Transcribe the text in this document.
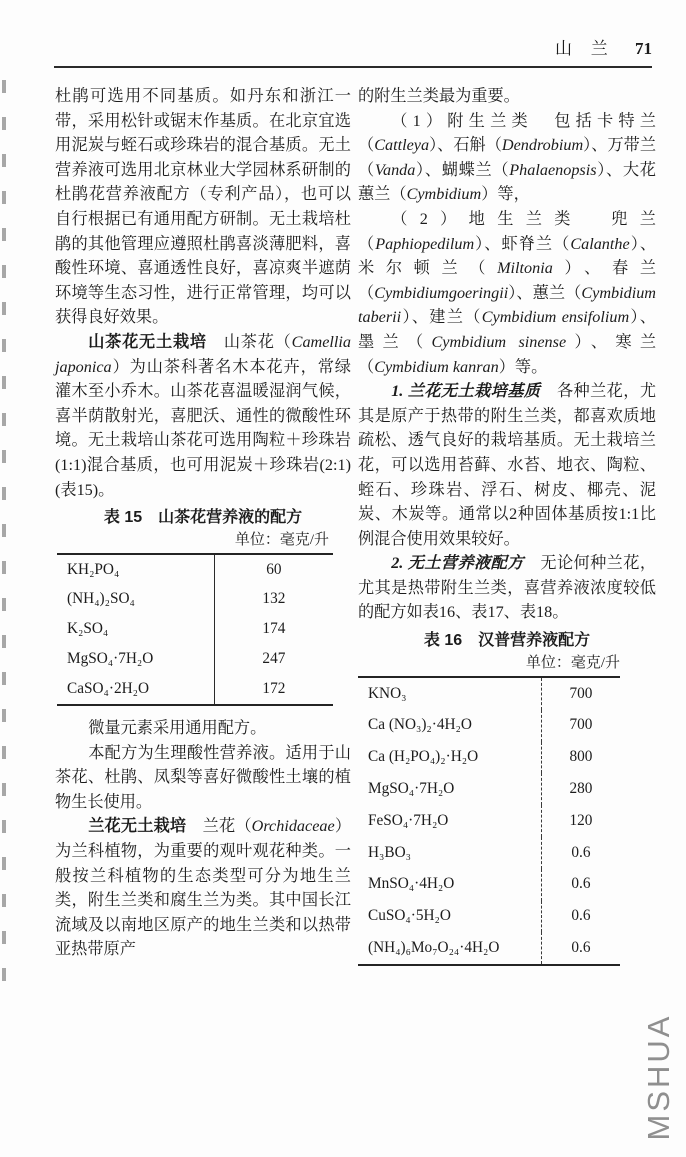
山 兰 71

杜鹃可选用不同基质。如丹东和浙江一带，采用松针或锯末作基质。在北京宜选用泥炭与蛭石或珍珠岩的混合基质。无土营养液可选用北京林业大学园林系研制的杜鹃花营养液配方（专利产品），也可以自行根据已有通用配方研制。无土栽培杜鹃的其他管理应遵照杜鹃喜淡薄肥料，喜酸性环境、喜通透性良好，喜凉爽半遮荫环境等生态习性，进行正常管理，均可以获得良好效果。

山茶花无土栽培　山茶花（Camellia japonica）为山茶科著名木本花卉，常绿灌木至小乔木。山茶花喜温暖湿润气候，喜半荫散射光，喜肥沃、通性的微酸性环境。无土栽培山茶花可选用陶粒＋珍珠岩(1:1)混合基质，也可用泥炭＋珍珠岩(2:1)(表15)。

表 15　山茶花营养液的配方
单位：毫克/升
KH₂PO₄	60
(NH₄)₂SO₄	132
K₂SO₄	174
MgSO₄·7H₂O	247
CaSO₄·2H₂O	172

微量元素采用通用配方。

本配方为生理酸性营养液。适用于山茶花、杜鹃、凤梨等喜好微酸性土壤的植物生长使用。

兰花无土栽培　兰花（Orchidaceae）为兰科植物，为重要的观叶观花种类。一般按兰科植物的生态类型可分为地生兰类，附生兰类和腐生兰为类。其中国长江流域及以南地区原产的地生兰类和以热带亚热带原产

的附生兰类最为重要。

（1）附生兰类　包括卡特兰（Cattleya）、石斛（Dendrobium）、万带兰（Vanda）、蝴蝶兰（Phalaenopsis）、大花蕙兰（Cymbidium）等，

（2）地生兰类　兜兰（Paphiopedilum）、虾脊兰（Calanthe）、米尔顿兰（Miltonia）、春兰（Cymbidiumgoeringii）、蕙兰（Cymbidium taberii）、建兰（Cymbidium ensifolium）、墨兰（Cymbidium sinense）、寒兰（Cymbidium kanran）等。

1. 兰花无土栽培基质　各种兰花，尤其是原产于热带的附生兰类，都喜欢质地疏松、透气良好的栽培基质。无土栽培兰花，可以选用苔藓、水苔、地衣、陶粒、蛭石、珍珠岩、浮石、树皮、椰壳、泥炭、木炭等。通常以2种固体基质按1:1比例混合使用效果较好。

2. 无土营养液配方　无论何种兰花，尤其是热带附生兰类，喜营养液浓度较低的配方如表16、表17、表18。

表 16　汉普营养液配方
单位：毫克/升
KNO₃	700
Ca (NO₃)₂·4H₂O	700
Ca (H₂PO₄)₂·H₂O	800
MgSO₄·7H₂O	280
FeSO₄·7H₂O	120
H₃BO₃	0.6
MnSO₄·4H₂O	0.6
CuSO₄·5H₂O	0.6
(NH₄)₆Mo₇O₂₄·4H₂O	0.6
MSHUA
